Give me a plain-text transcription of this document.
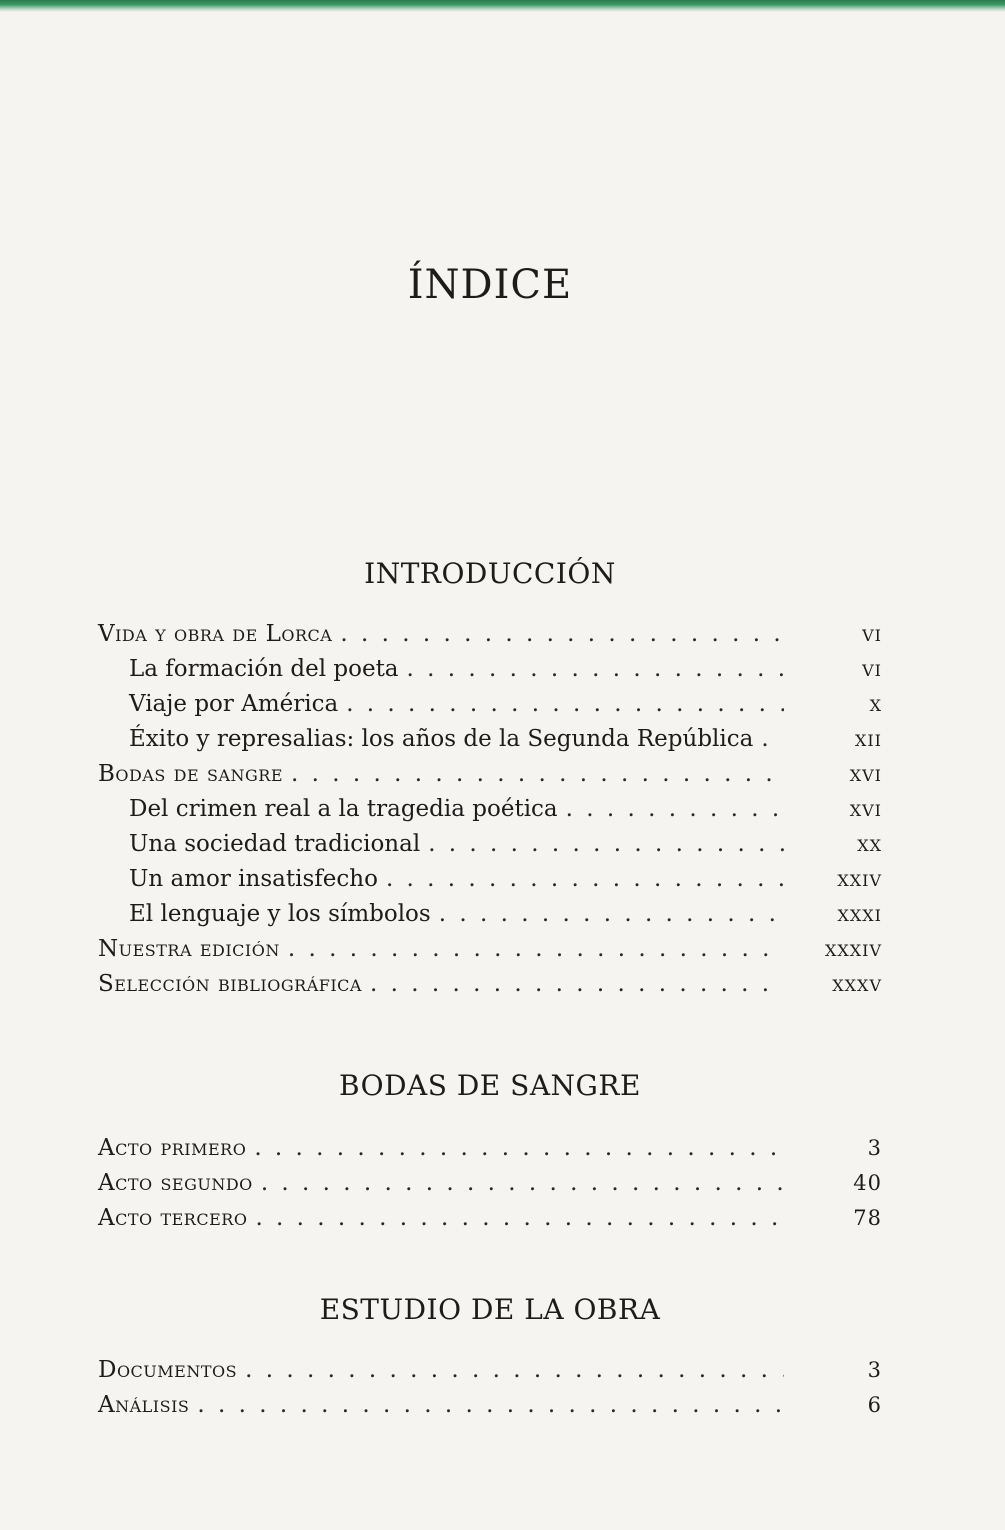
ÍNDICE
INTRODUCCIÓN
Vida y obra de Lorca . . .	vi
La formación del poeta . . .	vi
Viaje por América . . .	x
Éxito y represalias: los años de la Segunda República . . .	xii
Bodas de sangre . . .	xvi
Del crimen real a la tragedia poética . . .	xvi
Una sociedad tradicional . . .	xx
Un amor insatisfecho . . .	xxiv
El lenguaje y los símbolos . . .	xxxi
Nuestra edición . . .	xxxiv
Selección bibliográfica . . .	xxxv
BODAS DE SANGRE
Acto primero . . .	3
Acto segundo . . .	40
Acto tercero . . .	78
ESTUDIO DE LA OBRA
Documentos . . .	3
Análisis . . .	6
